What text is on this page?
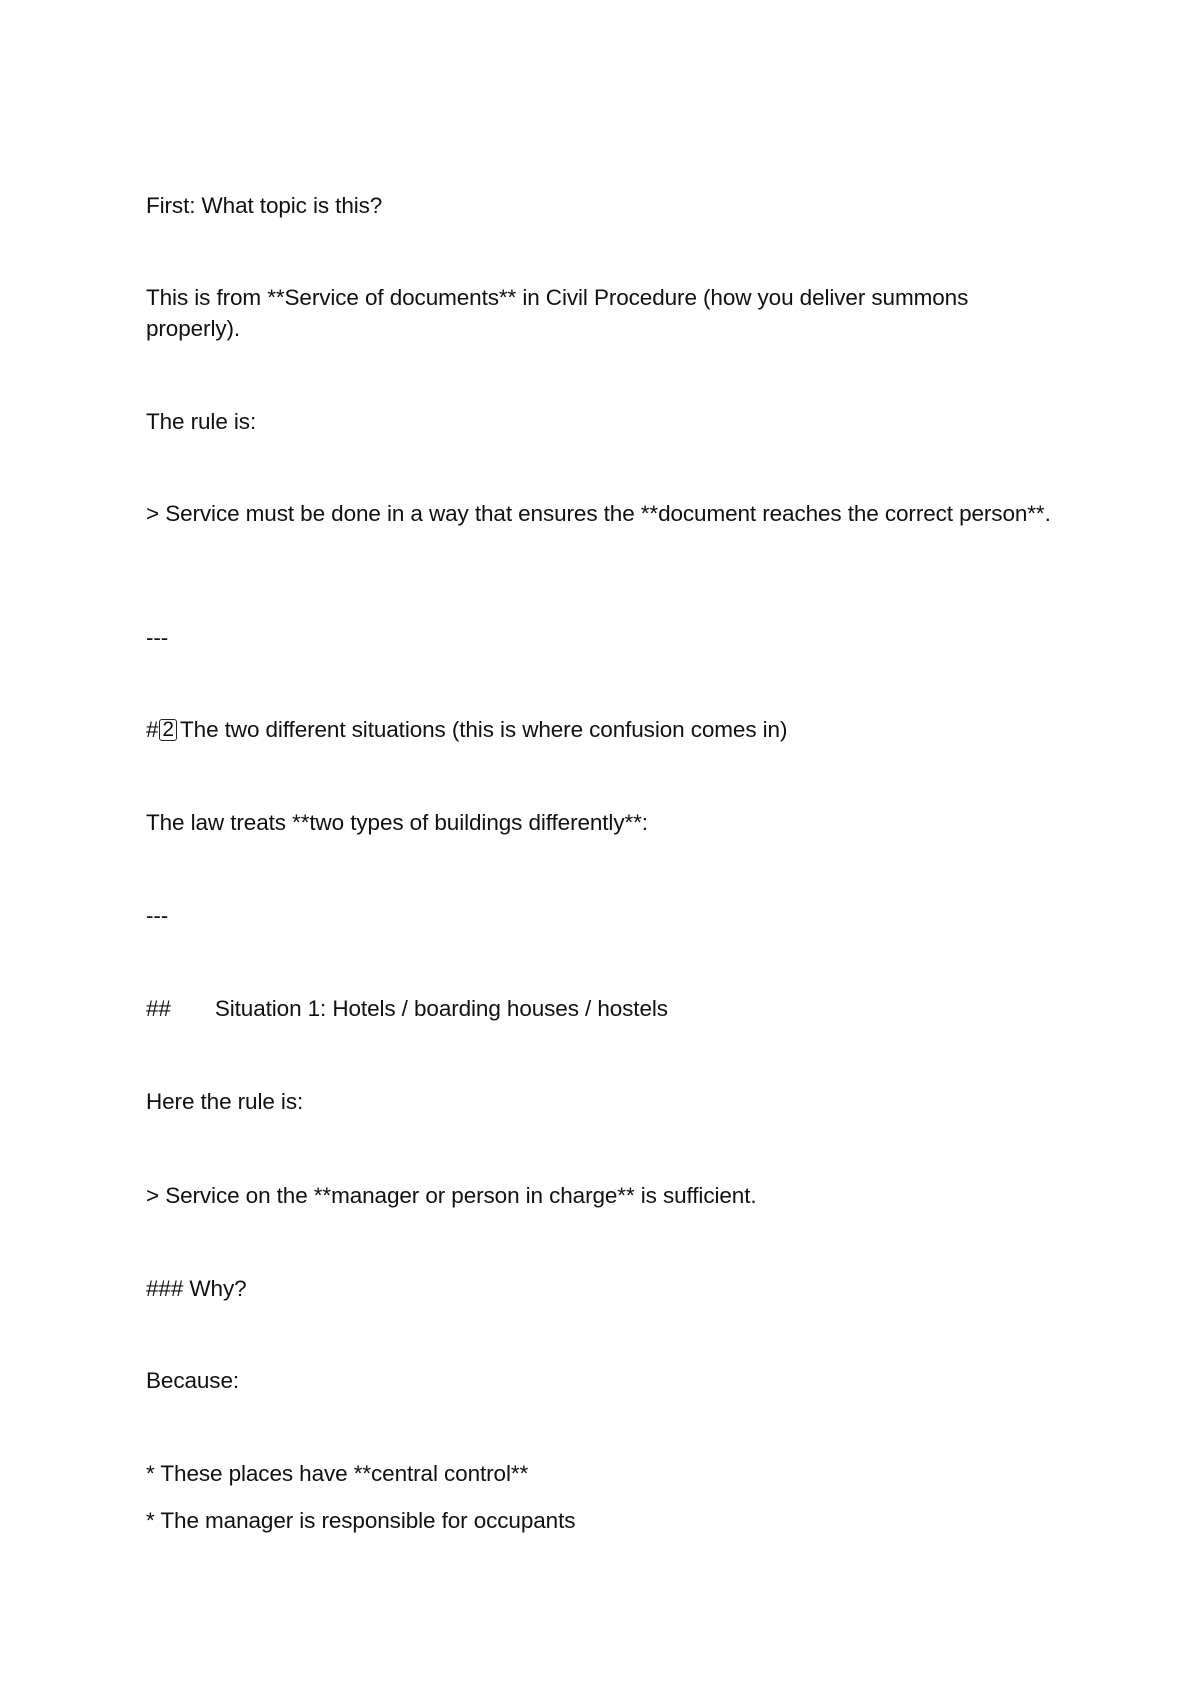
First: What topic is this?
This is from **Service of documents** in Civil Procedure (how you deliver summons properly).
The rule is:
> Service must be done in a way that ensures the **document reaches the correct person**.
---
# 2 The two different situations (this is where confusion comes in)
The law treats **two types of buildings differently**:
---
## Situation 1: Hotels / boarding houses / hostels
Here the rule is:
> Service on the **manager or person in charge** is sufficient.
### Why?
Because:
* These places have **central control**
* The manager is responsible for occupants
